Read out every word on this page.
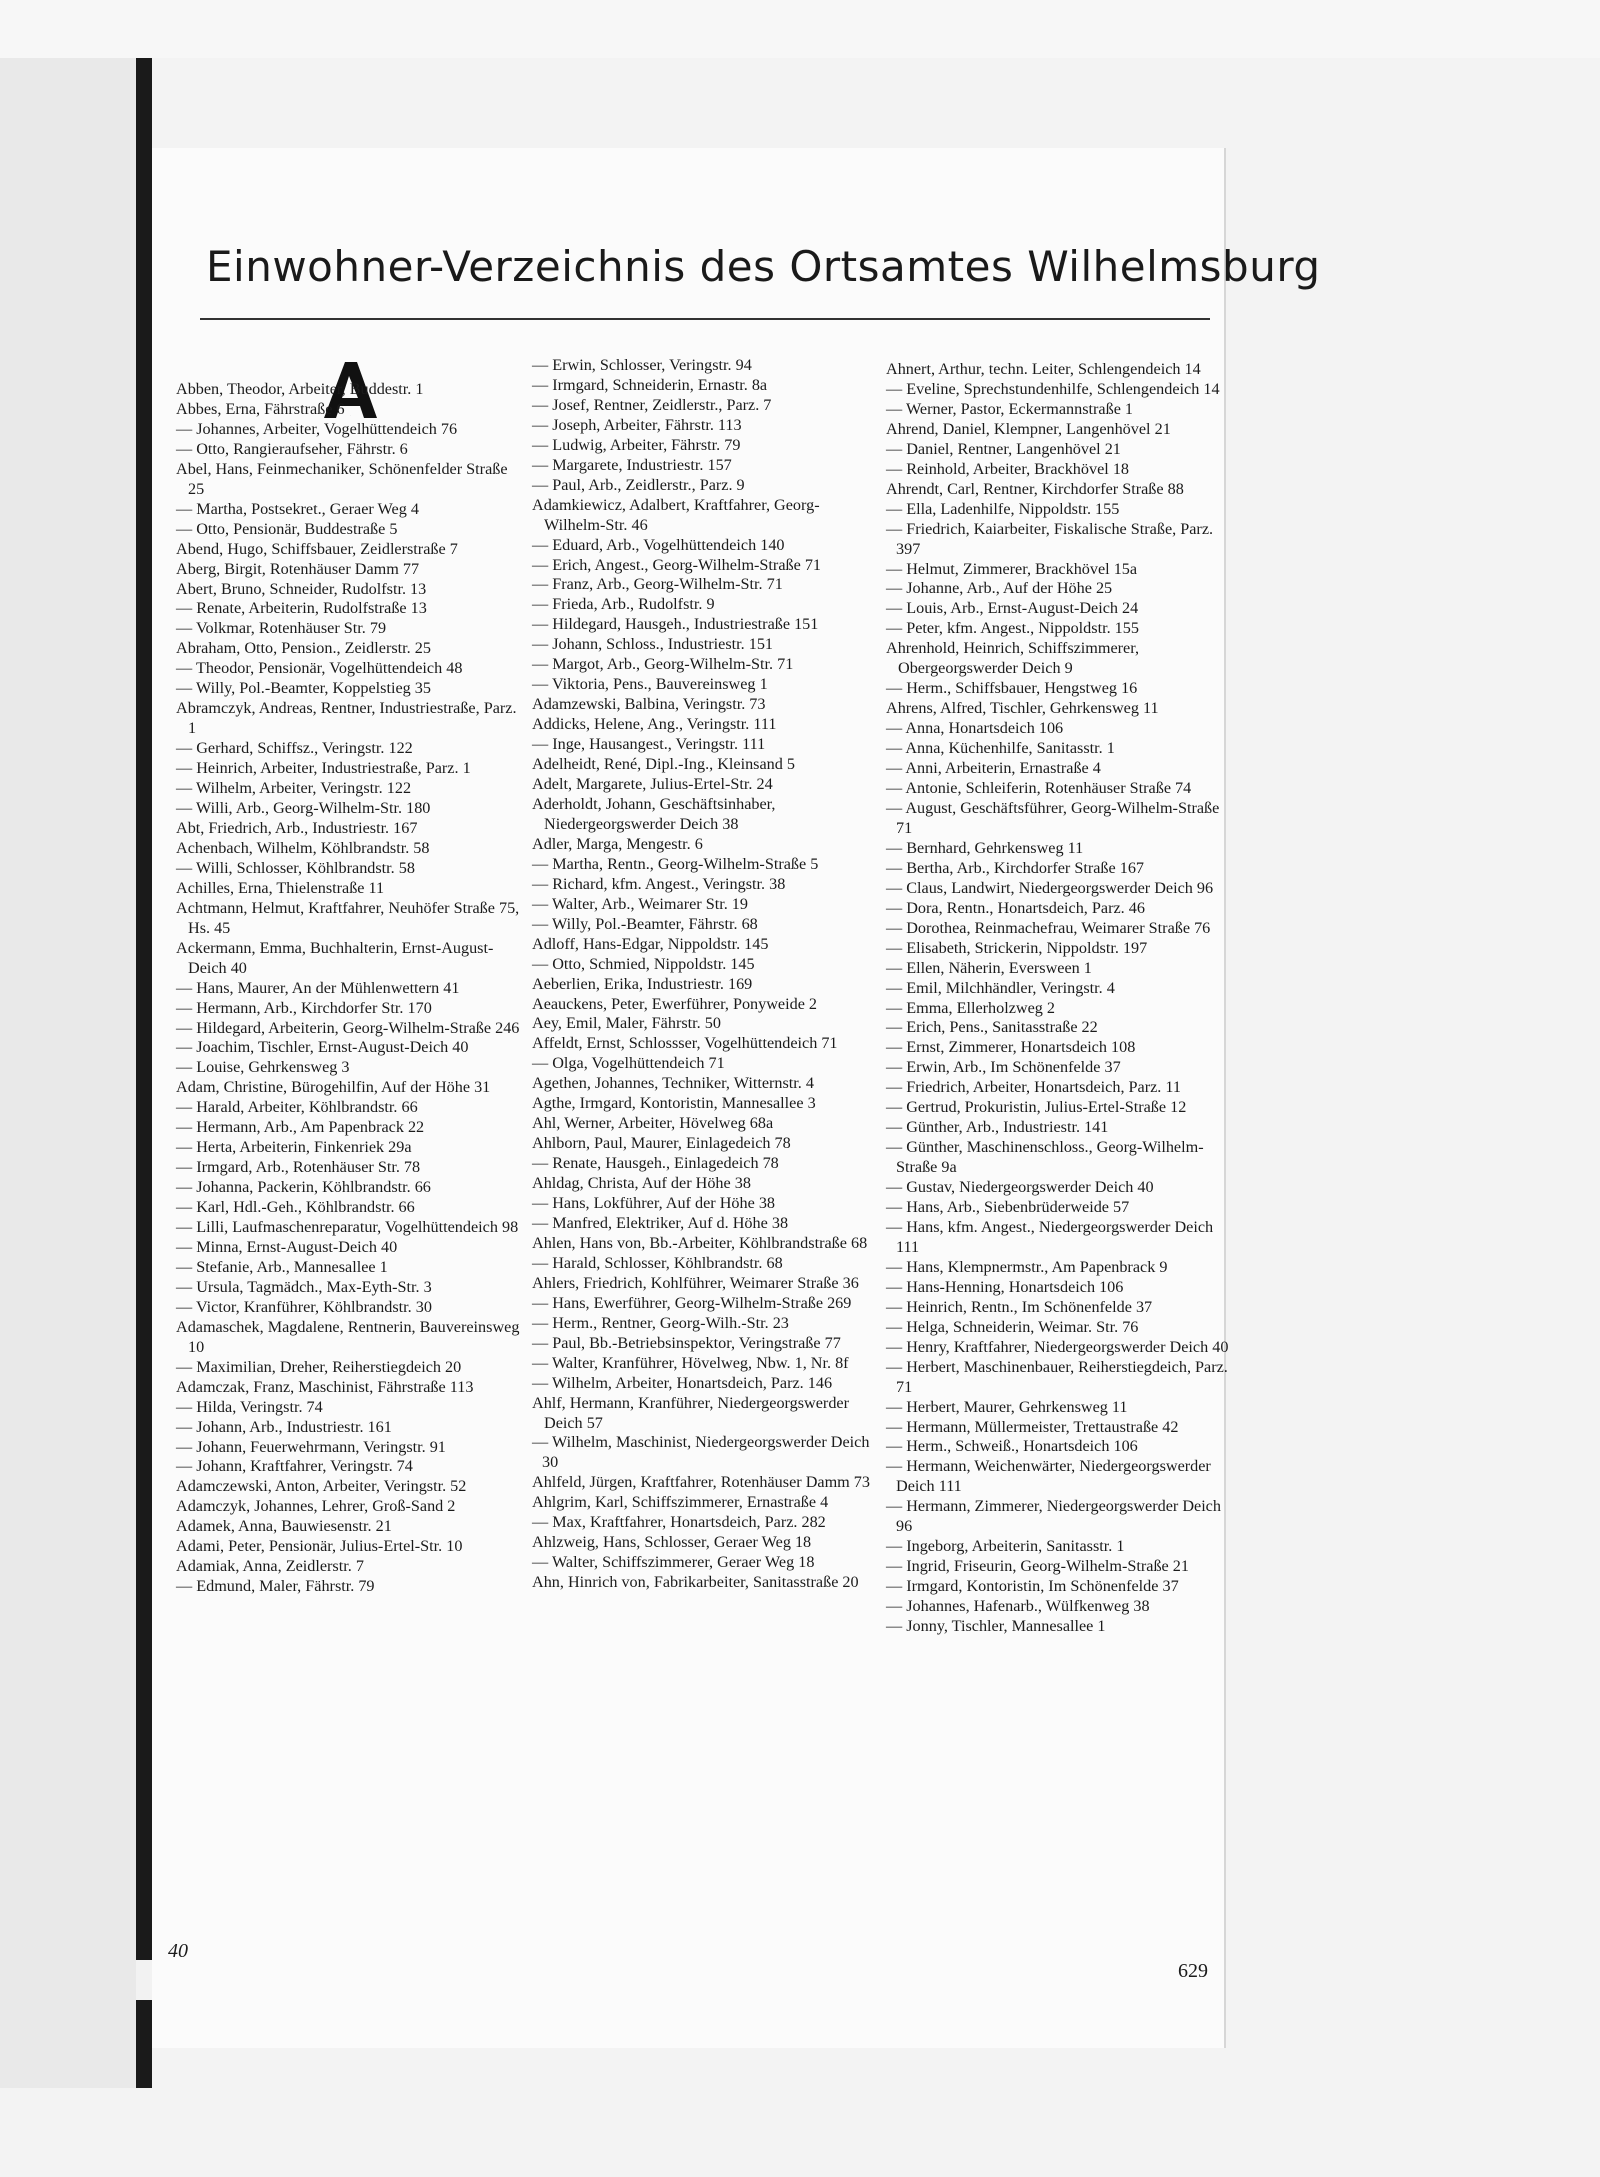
Einwohner-Verzeichnis des Ortsamtes Wilhelmsburg
A

Abben, Theodor, Arbeiter, Buddestr. 1

Abbes, Erna, Fährstraße 6

— Johannes, Arbeiter, Vogelhüttendeich 76

— Otto, Rangieraufseher, Fährstr. 6

Abel, Hans, Feinmechaniker, Schönenfelder Straße 25

— Martha, Postsekret., Geraer Weg 4

— Otto, Pensionär, Buddestraße 5

Abend, Hugo, Schiffsbauer, Zeidlerstraße 7

Aberg, Birgit, Rotenhäuser Damm 77

Abert, Bruno, Schneider, Rudolfstr. 13

— Renate, Arbeiterin, Rudolfstraße 13

— Volkmar, Rotenhäuser Str. 79

Abraham, Otto, Pension., Zeidlerstr. 25

— Theodor, Pensionär, Vogelhüttendeich 48

— Willy, Pol.-Beamter, Koppelstieg 35

Abramczyk, Andreas, Rentner, Industriestraße, Parz. 1

— Gerhard, Schiffsz., Veringstr. 122

— Heinrich, Arbeiter, Industriestraße, Parz. 1

— Wilhelm, Arbeiter, Veringstr. 122

— Willi, Arb., Georg-Wilhelm-Str. 180

Abt, Friedrich, Arb., Industriestr. 167

Achenbach, Wilhelm, Köhlbrandstr. 58

— Willi, Schlosser, Köhlbrandstr. 58

Achilles, Erna, Thielenstraße 11

Achtmann, Helmut, Kraftfahrer, Neuhöfer Straße 75, Hs. 45

Ackermann, Emma, Buchhalterin, Ernst-August-Deich 40

— Hans, Maurer, An der Mühlenwettern 41

— Hermann, Arb., Kirchdorfer Str. 170

— Hildegard, Arbeiterin, Georg-Wilhelm-Straße 246

— Joachim, Tischler, Ernst-August-Deich 40

— Louise, Gehrkensweg 3

Adam, Christine, Bürogehilfin, Auf der Höhe 31

— Harald, Arbeiter, Köhlbrandstr. 66

— Hermann, Arb., Am Papenbrack 22

— Herta, Arbeiterin, Finkenriek 29a

— Irmgard, Arb., Rotenhäuser Str. 78

— Johanna, Packerin, Köhlbrandstr. 66

— Karl, Hdl.-Geh., Köhlbrandstr. 66

— Lilli, Laufmaschenreparatur, Vogelhüttendeich 98

— Minna, Ernst-August-Deich 40

— Stefanie, Arb., Mannesallee 1

— Ursula, Tagmädch., Max-Eyth-Str. 3

— Victor, Kranführer, Köhlbrandstr. 30

Adamaschek, Magdalene, Rentnerin, Bauvereinsweg 10

— Maximilian, Dreher, Reiherstiegdeich 20

Adamczak, Franz, Maschinist, Fährstraße 113

— Hilda, Veringstr. 74

— Johann, Arb., Industriestr. 161

— Johann, Feuerwehrmann, Veringstr. 91

— Johann, Kraftfahrer, Veringstr. 74

Adamczewski, Anton, Arbeiter, Veringstr. 52

Adamczyk, Johannes, Lehrer, Groß-Sand 2

Adamek, Anna, Bauwiesenstr. 21

Adami, Peter, Pensionär, Julius-Ertel-Str. 10

Adamiak, Anna, Zeidlerstr. 7

— Edmund, Maler, Fährstr. 79

— Erwin, Schlosser, Veringstr. 94

— Irmgard, Schneiderin, Ernastr. 8a

— Josef, Rentner, Zeidlerstr., Parz. 7

— Joseph, Arbeiter, Fährstr. 113

— Ludwig, Arbeiter, Fährstr. 79

— Margarete, Industriestr. 157

— Paul, Arb., Zeidlerstr., Parz. 9

Adamkiewicz, Adalbert, Kraftfahrer, Georg-Wilhelm-Str. 46

— Eduard, Arb., Vogelhüttendeich 140

— Erich, Angest., Georg-Wilhelm-Straße 71

— Franz, Arb., Georg-Wilhelm-Str. 71

— Frieda, Arb., Rudolfstr. 9

— Hildegard, Hausgeh., Industriestraße 151

— Johann, Schloss., Industriestr. 151

— Margot, Arb., Georg-Wilhelm-Str. 71

— Viktoria, Pens., Bauvereinsweg 1

Adamzewski, Balbina, Veringstr. 73

Addicks, Helene, Ang., Veringstr. 111

— Inge, Hausangest., Veringstr. 111

Adelheidt, René, Dipl.-Ing., Kleinsand 5

Adelt, Margarete, Julius-Ertel-Str. 24

Aderholdt, Johann, Geschäftsinhaber, Niedergeorgswerder Deich 38

Adler, Marga, Mengestr. 6

— Martha, Rentn., Georg-Wilhelm-Straße 5

— Richard, kfm. Angest., Veringstr. 38

— Walter, Arb., Weimarer Str. 19

— Willy, Pol.-Beamter, Fährstr. 68

Adloff, Hans-Edgar, Nippoldstr. 145

— Otto, Schmied, Nippoldstr. 145

Aeberlien, Erika, Industriestr. 169

Aeauckens, Peter, Ewerführer, Ponyweide 2

Aey, Emil, Maler, Fährstr. 50

Affeldt, Ernst, Schlossser, Vogelhüttendeich 71

— Olga, Vogelhüttendeich 71

Agethen, Johannes, Techniker, Witternstr. 4

Agthe, Irmgard, Kontoristin, Mannesallee 3

Ahl, Werner, Arbeiter, Hövelweg 68a

Ahlborn, Paul, Maurer, Einlagedeich 78

— Renate, Hausgeh., Einlagedeich 78

Ahldag, Christa, Auf der Höhe 38

— Hans, Lokführer, Auf der Höhe 38

— Manfred, Elektriker, Auf d. Höhe 38

Ahlen, Hans von, Bb.-Arbeiter, Köhlbrandstraße 68

— Harald, Schlosser, Köhlbrandstr. 68

Ahlers, Friedrich, Kohlführer, Weimarer Straße 36

— Hans, Ewerführer, Georg-Wilhelm-Straße 269

— Herm., Rentner, Georg-Wilh.-Str. 23

— Paul, Bb.-Betriebsinspektor, Veringstraße 77

— Walter, Kranführer, Hövelweg, Nbw. 1, Nr. 8f

— Wilhelm, Arbeiter, Honartsdeich, Parz. 146

Ahlf, Hermann, Kranführer, Niedergeorgswerder Deich 57

— Wilhelm, Maschinist, Niedergeorgswerder Deich 30

Ahlfeld, Jürgen, Kraftfahrer, Rotenhäuser Damm 73

Ahlgrim, Karl, Schiffszimmerer, Ernastraße 4

— Max, Kraftfahrer, Honartsdeich, Parz. 282

Ahlzweig, Hans, Schlosser, Geraer Weg 18

— Walter, Schiffszimmerer, Geraer Weg 18

Ahn, Hinrich von, Fabrikarbeiter, Sanitasstraße 20

Ahnert, Arthur, techn. Leiter, Schlengendeich 14

— Eveline, Sprechstundenhilfe, Schlengendeich 14

— Werner, Pastor, Eckermannstraße 1

Ahrend, Daniel, Klempner, Langenhövel 21

— Daniel, Rentner, Langenhövel 21

— Reinhold, Arbeiter, Brackhövel 18

Ahrendt, Carl, Rentner, Kirchdorfer Straße 88

— Ella, Ladenhilfe, Nippoldstr. 155

— Friedrich, Kaiarbeiter, Fiskalische Straße, Parz. 397

— Helmut, Zimmerer, Brackhövel 15a

— Johanne, Arb., Auf der Höhe 25

— Louis, Arb., Ernst-August-Deich 24

— Peter, kfm. Angest., Nippoldstr. 155

Ahrenhold, Heinrich, Schiffszimmerer, Obergeorgswerder Deich 9

— Herm., Schiffsbauer, Hengstweg 16

Ahrens, Alfred, Tischler, Gehrkensweg 11

— Anna, Honartsdeich 106

— Anna, Küchenhilfe, Sanitasstr. 1

— Anni, Arbeiterin, Ernastraße 4

— Antonie, Schleiferin, Rotenhäuser Straße 74

— August, Geschäftsführer, Georg-Wilhelm-Straße 71

— Bernhard, Gehrkensweg 11

— Bertha, Arb., Kirchdorfer Straße 167

— Claus, Landwirt, Niedergeorgswerder Deich 96

— Dora, Rentn., Honartsdeich, Parz. 46

— Dorothea, Reinmachefrau, Weimarer Straße 76

— Elisabeth, Strickerin, Nippoldstr. 197

— Ellen, Näherin, Eversween 1

— Emil, Milchhändler, Veringstr. 4

— Emma, Ellerholzweg 2

— Erich, Pens., Sanitasstraße 22

— Ernst, Zimmerer, Honartsdeich 108

— Erwin, Arb., Im Schönenfelde 37

— Friedrich, Arbeiter, Honartsdeich, Parz. 11

— Gertrud, Prokuristin, Julius-Ertel-Straße 12

— Günther, Arb., Industriestr. 141

— Günther, Maschinenschloss., Georg-Wilhelm-Straße 9a

— Gustav, Niedergeorgswerder Deich 40

— Hans, Arb., Siebenbrüderweide 57

— Hans, kfm. Angest., Niedergeorgswerder Deich 111

— Hans, Klempnermstr., Am Papenbrack 9

— Hans-Henning, Honartsdeich 106

— Heinrich, Rentn., Im Schönenfelde 37

— Helga, Schneiderin, Weimar. Str. 76

— Henry, Kraftfahrer, Niedergeorgswerder Deich 40

— Herbert, Maschinenbauer, Reiherstiegdeich, Parz. 71

— Herbert, Maurer, Gehrkensweg 11

— Hermann, Müllermeister, Trettaustraße 42

— Herm., Schweiß., Honartsdeich 106

— Hermann, Weichenwärter, Niedergeorgswerder Deich 111

— Hermann, Zimmerer, Niedergeorgswerder Deich 96

— Ingeborg, Arbeiterin, Sanitasstr. 1

— Ingrid, Friseurin, Georg-Wilhelm-Straße 21

— Irmgard, Kontoristin, Im Schönenfelde 37

— Johannes, Hafenarb., Wülfkenweg 38

— Jonny, Tischler, Mannesallee 1

40
629
